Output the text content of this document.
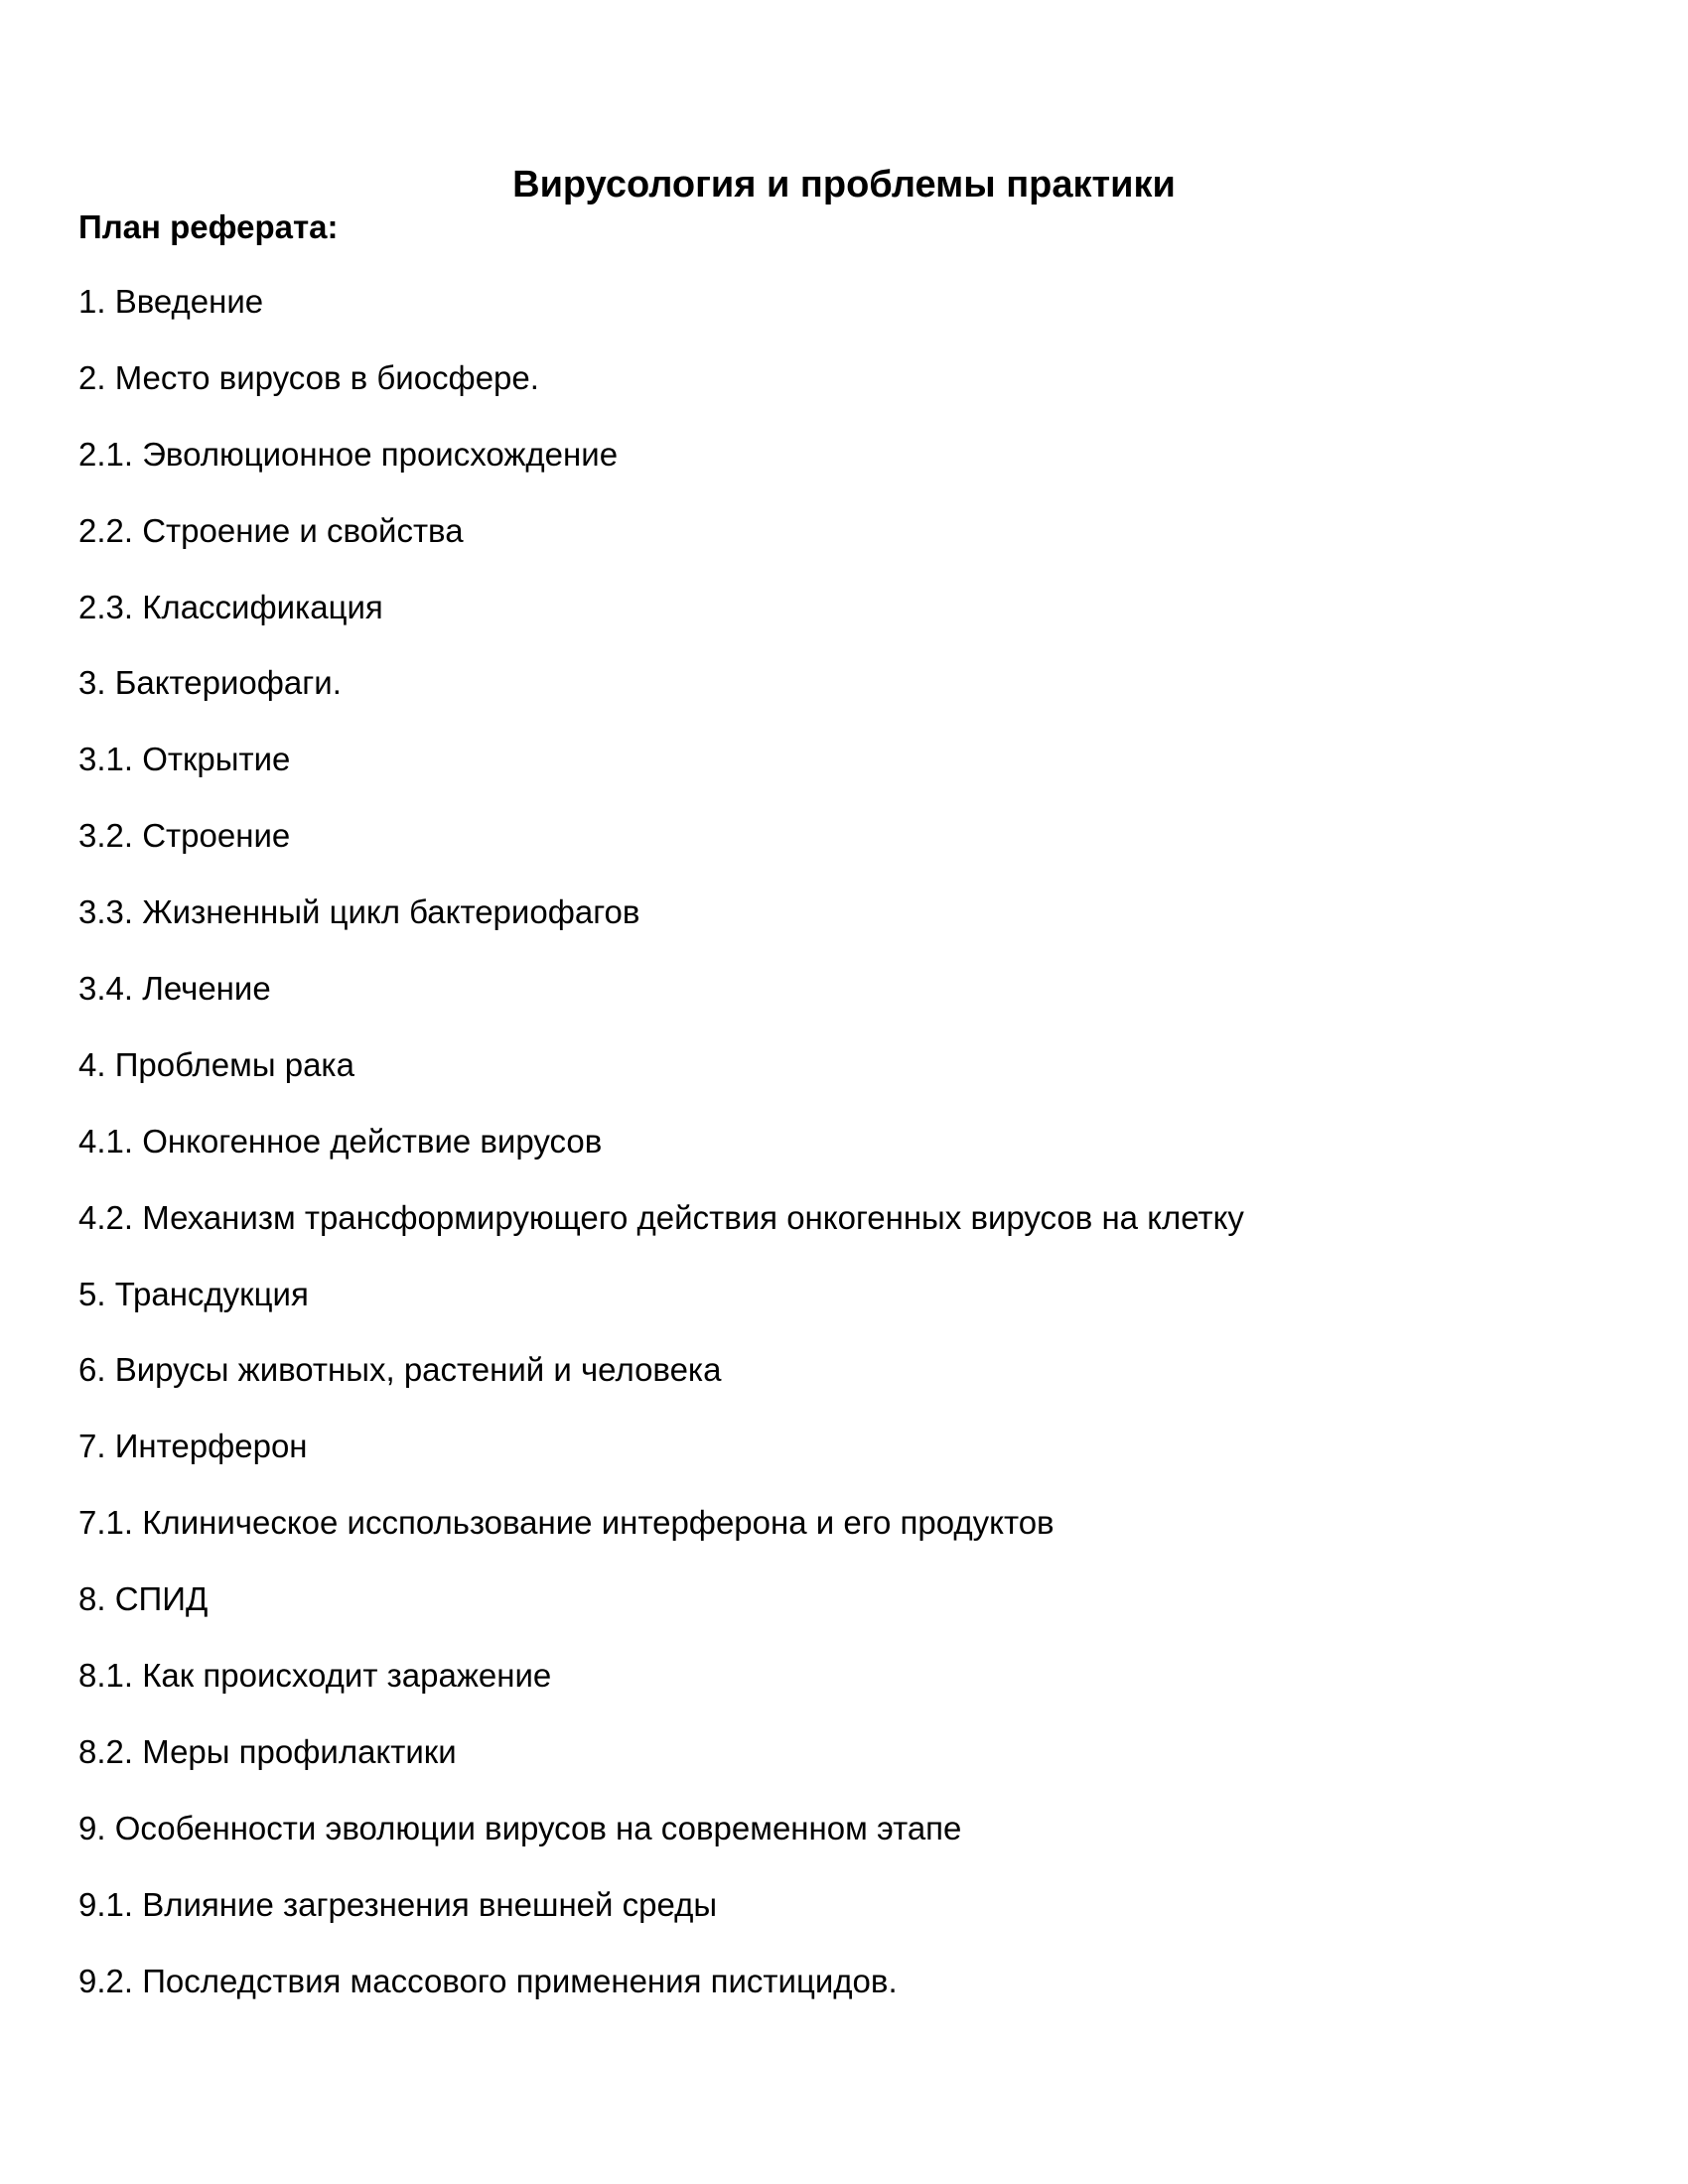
Вирусология и проблемы практики
План реферата:
1. Введение
2. Место вирусов в биосфере.
2.1. Эволюционное происхождение
2.2. Строение и свойства
2.3. Классификация
3. Бактериофаги.
3.1. Открытие
3.2. Строение
3.3. Жизненный цикл бактериофагов
3.4. Лечение
4. Проблемы рака
4.1. Онкогенное действие вирусов
4.2. Механизм трансформирующего действия онкогенных вирусов на клетку
5. Трансдукция
6. Вирусы животных, растений и человека
7. Интерферон
7.1. Клиническое исспользование интерферона и его продуктов
8. СПИД
8.1. Как происходит заражение
8.2. Меры профилактики
9. Особенности эволюции вирусов на современном этапе
9.1. Влияние загрезнения внешней среды
9.2. Последствия массового применения пистицидов.
